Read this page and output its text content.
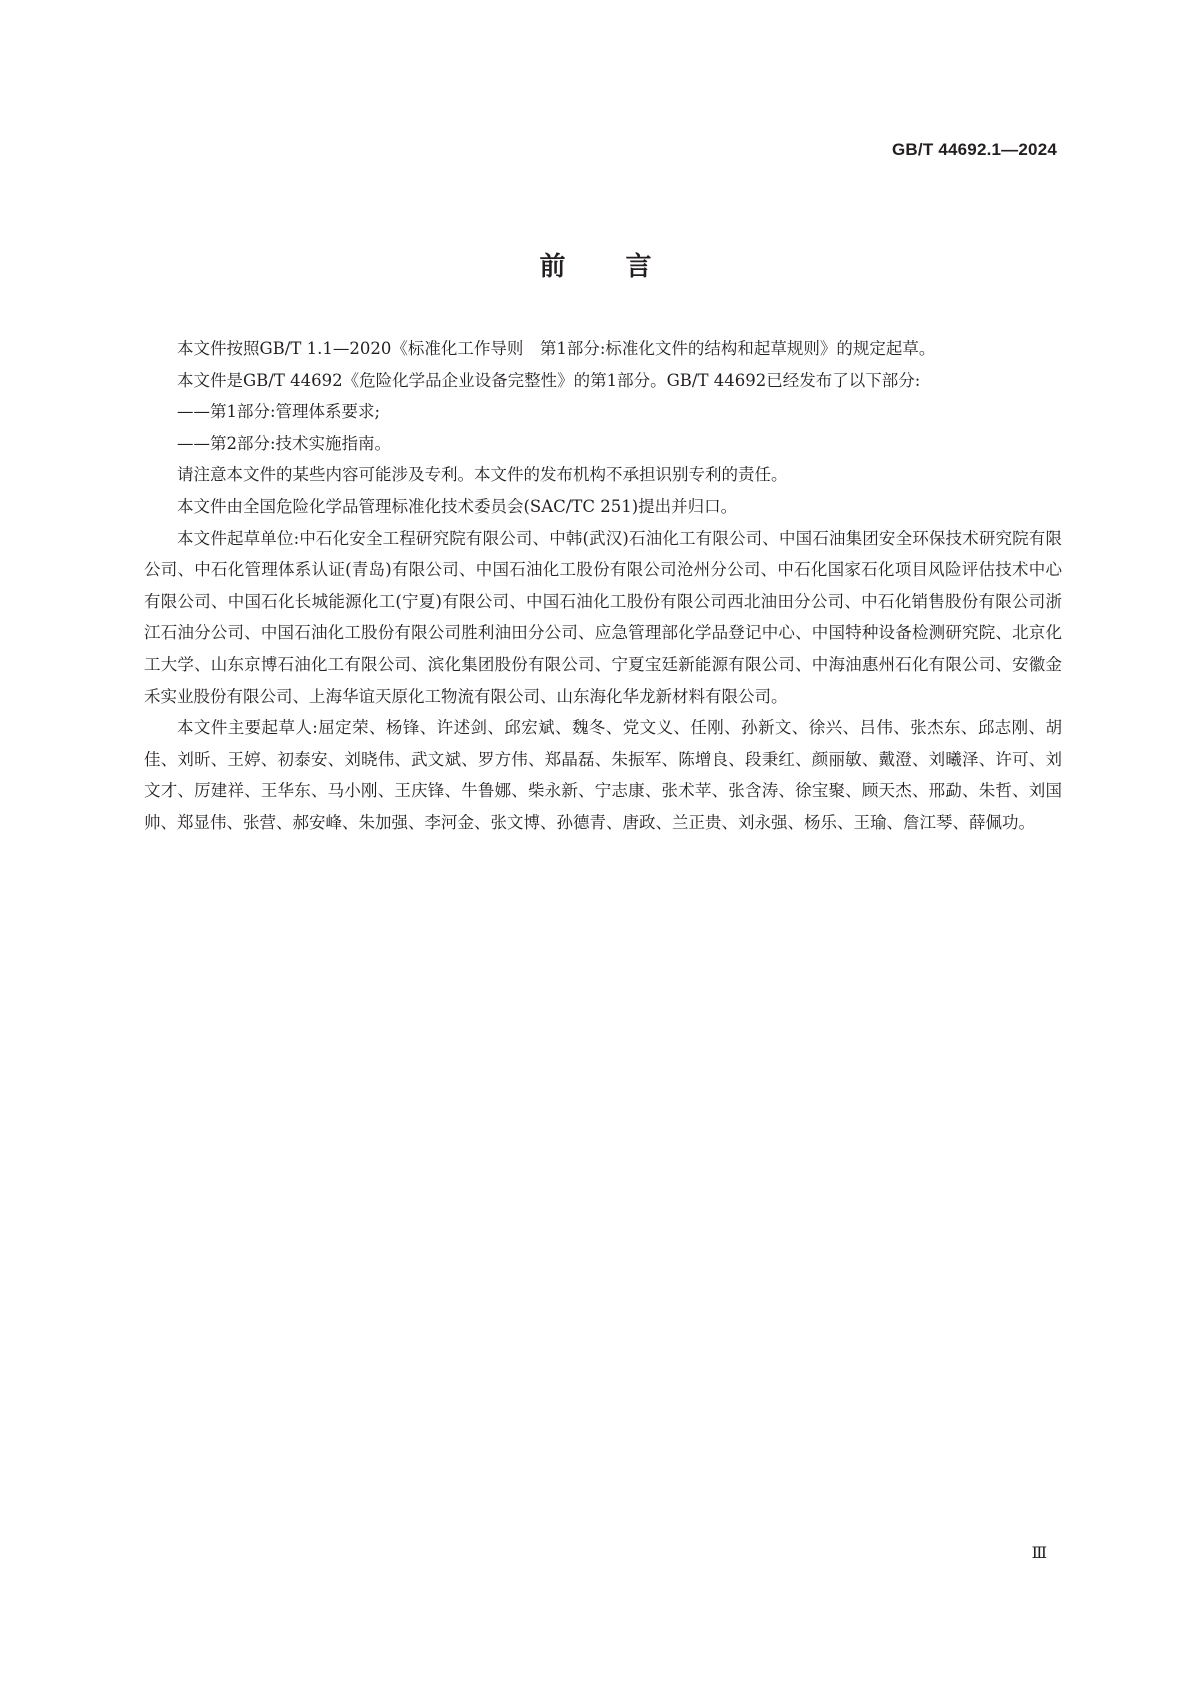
GB/T 44692.1—2024
前言

本文件按照GB/T 1.1—2020《标准化工作导则　第1部分:标准化文件的结构和起草规则》的规定起草。

本文件是GB/T 44692《危险化学品企业设备完整性》的第1部分。GB/T 44692已经发布了以下部分:

——第1部分:管理体系要求;

——第2部分:技术实施指南。

请注意本文件的某些内容可能涉及专利。本文件的发布机构不承担识别专利的责任。

本文件由全国危险化学品管理标准化技术委员会(SAC/TC 251)提出并归口。

本文件起草单位:中石化安全工程研究院有限公司、中韩(武汉)石油化工有限公司、中国石油集团安全环保技术研究院有限公司、中石化管理体系认证(青岛)有限公司、中国石油化工股份有限公司沧州分公司、中石化国家石化项目风险评估技术中心有限公司、中国石化长城能源化工(宁夏)有限公司、中国石油化工股份有限公司西北油田分公司、中石化销售股份有限公司浙江石油分公司、中国石油化工股份有限公司胜利油田分公司、应急管理部化学品登记中心、中国特种设备检测研究院、北京化工大学、山东京博石油化工有限公司、滨化集团股份有限公司、宁夏宝廷新能源有限公司、中海油惠州石化有限公司、安徽金禾实业股份有限公司、上海华谊天原化工物流有限公司、山东海化华龙新材料有限公司。

本文件主要起草人:屈定荣、杨锋、许述剑、邱宏斌、魏冬、党文义、任刚、孙新文、徐兴、吕伟、张杰东、邱志刚、胡佳、刘昕、王婷、初泰安、刘晓伟、武文斌、罗方伟、郑晶磊、朱振军、陈增良、段秉红、颜丽敏、戴澄、刘曦泽、许可、刘文才、厉建祥、王华东、马小刚、王庆锋、牛鲁娜、柴永新、宁志康、张术苹、张含涛、徐宝聚、顾天杰、邢勐、朱哲、刘国帅、郑显伟、张营、郝安峰、朱加强、李河金、张文博、孙德青、唐政、兰正贵、刘永强、杨乐、王瑜、詹江琴、薛佩功。

Ⅲ
